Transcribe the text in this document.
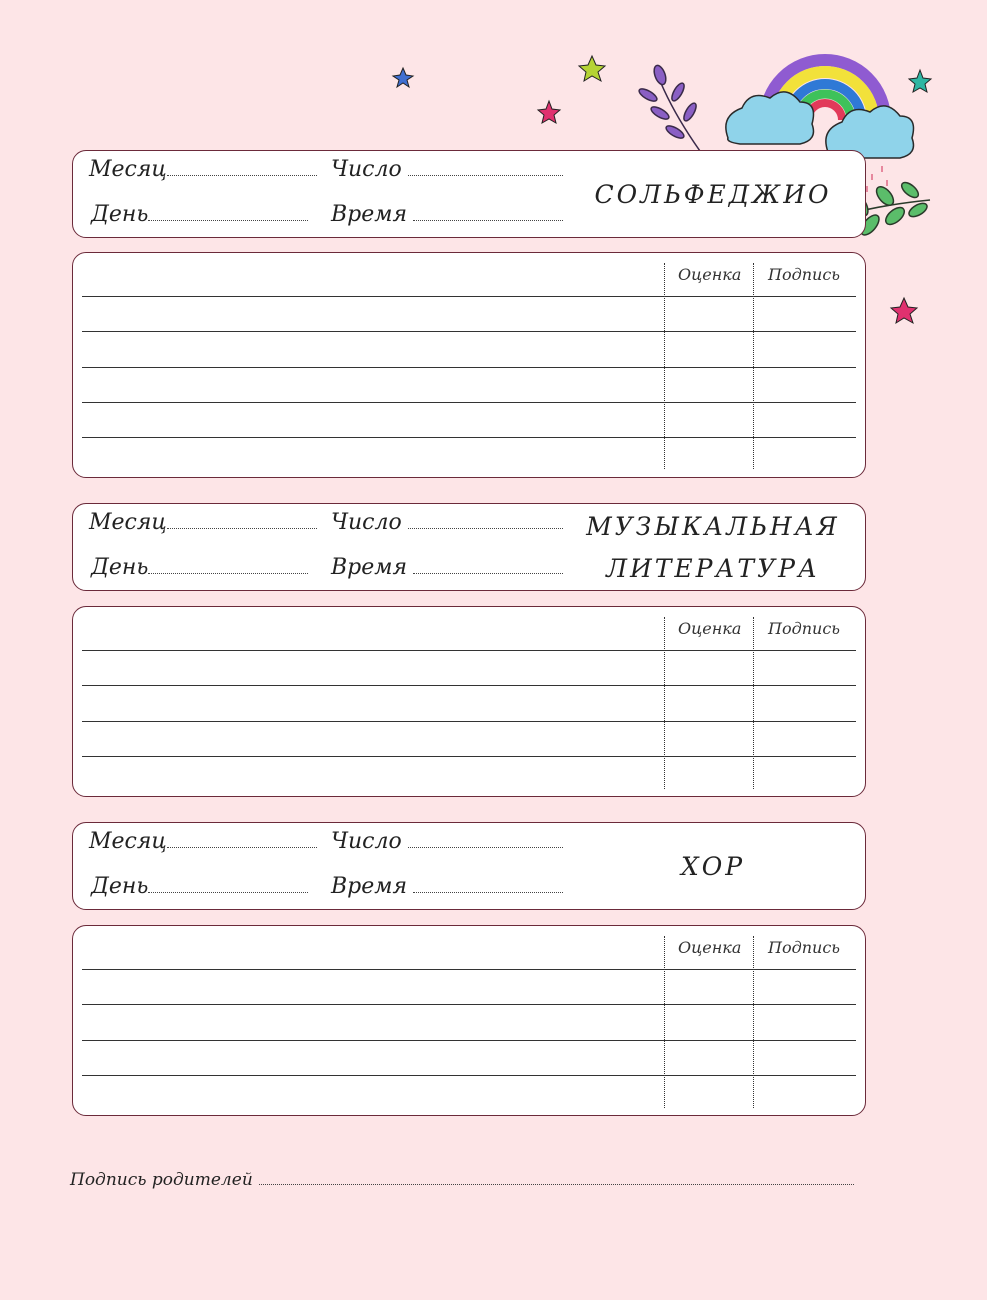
Месяц
День
Число
Время
СОЛЬФЕДЖИО
Оценка Подпись
Месяц
День
Число
Время
МУЗЫКАЛЬНАЯ
ЛИТЕРАТУРА
Оценка Подпись
Месяц
День
Число
Время
ХОР
Оценка Подпись
Подпись родителей
